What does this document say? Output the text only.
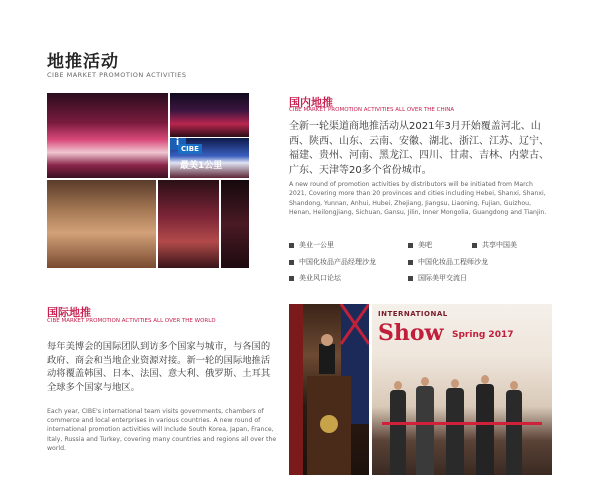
地推活动
CIBE MARKET PROMOTION ACTIVITIES
CIBE
最美1公里
i
国内地推
CIBE MARKET PROMOTION ACTIVITIES ALL OVER THE CHINA
全新一轮渠道商地推活动从2021年3月开始覆盖河北、山西、陕西、山东、云南、安徽、湖北、浙江、江苏、辽宁、福建、贵州、河南、黑龙江、四川、甘肃、吉林、内蒙古、广东、天津等20多个省份城市。
A new round of promotion activities by distributors will be initiated from March 2021, Covering more than 20 provinces and cities including Hebei, Shanxi, Shanxi, Shandong, Yunnan, Anhui, Hubei, Zhejiang, Jiangsu, Liaoning, Fujian, Guizhou, Henan, Heilongjiang, Sichuan, Gansu, Jilin, Inner Mongolia, Guangdong and Tianjin.
美业一公里	美吧	共享中国美
中国化妆品产品经理沙龙	中国化妆品工程师沙龙
美业风口论坛	国际美甲交流日
国际地推
CIBE MARKET PROMOTION ACTIVITIES ALL OVER THE WORLD
每年美博会的国际团队到访多个国家与城市，与各国的政府、商会和当地企业资源对接。新一轮的国际地推活动将覆盖韩国、日本、法国、意大利、俄罗斯、土耳其全球多个国家与地区。
Each year, CIBE's international team visits governments, chambers of commerce and local enterprises in various countries. A new round of international promotion activities will include South Korea, Japan, France, Italy, Russia and Turkey, covering many countries and regions all over the world.
INTERNATIONAL
Show Spring 2017
